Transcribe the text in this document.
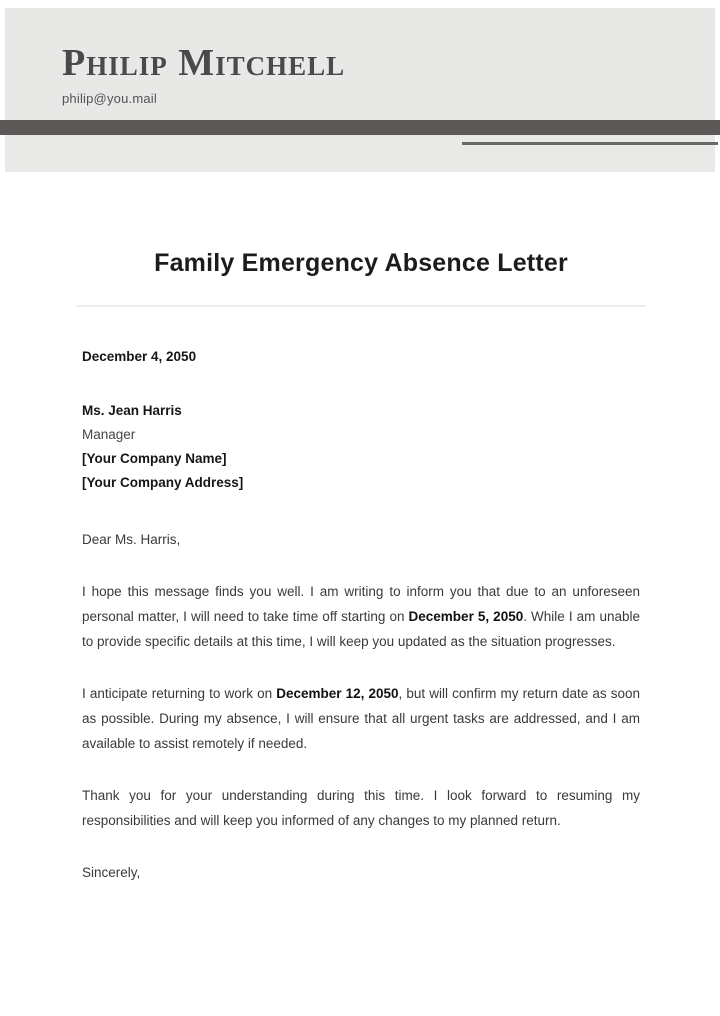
Philip Mitchell
philip@you.mail
Family Emergency Absence Letter

December 4, 2050

Ms. Jean Harris

Manager

[Your Company Name]

[Your Company Address]

Dear Ms. Harris,

I hope this message finds you well. I am writing to inform you that due to an unforeseen personal matter, I will need to take time off starting on December 5, 2050. While I am unable to provide specific details at this time, I will keep you updated as the situation progresses.

I anticipate returning to work on December 12, 2050, but will confirm my return date as soon as possible. During my absence, I will ensure that all urgent tasks are addressed, and I am available to assist remotely if needed.

Thank you for your understanding during this time. I look forward to resuming my responsibilities and will keep you informed of any changes to my planned return.

Sincerely,
